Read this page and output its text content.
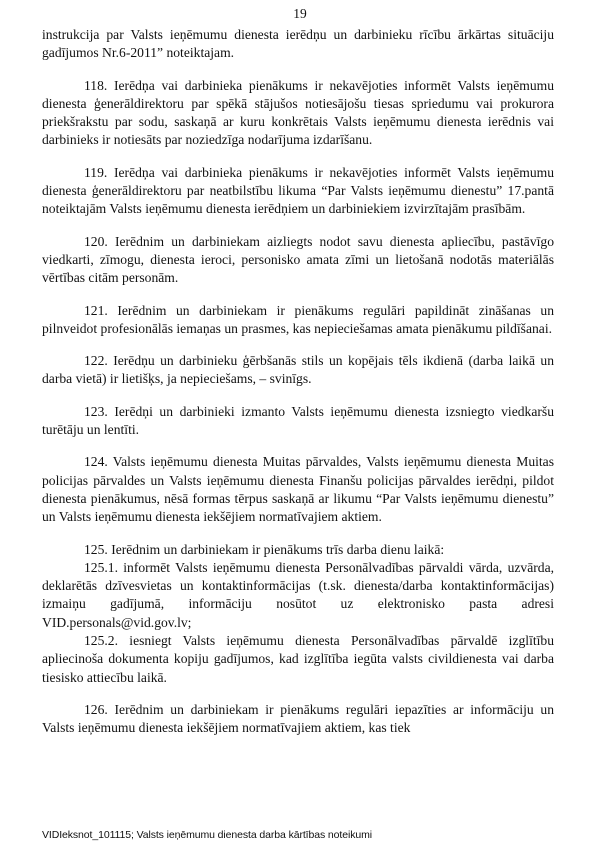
19

instrukcija par Valsts ieņēmumu dienesta ierēdņu un darbinieku rīcību ārkārtas situāciju gadījumos Nr.6-2011” noteiktajam.

118. Ierēdņa vai darbinieka pienākums ir nekavējoties informēt Valsts ieņēmumu dienesta ģenerāldirektoru par spēkā stājušos notiesājošu tiesas spriedumu vai prokurora priekšrakstu par sodu, saskaņā ar kuru konkrētais Valsts ieņēmumu dienesta ierēdnis vai darbinieks ir notiesāts par noziedzīga nodarījuma izdarīšanu.

119. Ierēdņa vai darbinieka pienākums ir nekavējoties informēt Valsts ieņēmumu dienesta ģenerāldirektoru par neatbilstību likuma “Par Valsts ieņēmumu dienestu” 17.pantā noteiktajām Valsts ieņēmumu dienesta ierēdņiem un darbiniekiem izvirzītajām prasībām.

120. Ierēdnim un darbiniekam aizliegts nodot savu dienesta apliecību, pastāvīgo viedkarti, zīmogu, dienesta ieroci, personisko amata zīmi un lietošanā nodotās materiālās vērtības citām personām.

121. Ierēdnim un darbiniekam ir pienākums regulāri papildināt zināšanas un pilnveidot profesionālās iemaņas un prasmes, kas nepieciešamas amata pienākumu pildīšanai.

122. Ierēdņu un darbinieku ģērbšanās stils un kopējais tēls ikdienā (darba laikā un darba vietā) ir lietišķs, ja nepieciešams, – svinīgs.

123. Ierēdņi un darbinieki izmanto Valsts ieņēmumu dienesta izsniegto viedkaršu turētāju un lentīti.

124. Valsts ieņēmumu dienesta Muitas pārvaldes, Valsts ieņēmumu dienesta Muitas policijas pārvaldes un Valsts ieņēmumu dienesta Finanšu policijas pārvaldes ierēdņi, pildot dienesta pienākumus, nēsā formas tērpus saskaņā ar likumu “Par Valsts ieņēmumu dienestu” un Valsts ieņēmumu dienesta iekšējiem normatīvajiem aktiem.

125. Ierēdnim un darbiniekam ir pienākums trīs darba dienu laikā:

125.1. informēt Valsts ieņēmumu dienesta Personālvadības pārvaldi vārda, uzvārda, deklarētās dzīvesvietas un kontaktinformācijas (t.sk. dienesta/darba kontaktinformācijas) izmaiņu gadījumā, informāciju nosūtot uz elektronisko pasta adresi VID.personals@vid.gov.lv;

125.2. iesniegt Valsts ieņēmumu dienesta Personālvadības pārvaldē izglītību apliecinoša dokumenta kopiju gadījumos, kad izglītība iegūta valsts civildienesta vai darba tiesisko attiecību laikā.

126. Ierēdnim un darbiniekam ir pienākums regulāri iepazīties ar informāciju un Valsts ieņēmumu dienesta iekšējiem normatīvajiem aktiem, kas tiek

VIDIeksnot_101115; Valsts ieņēmumu dienesta darba kārtības noteikumi
